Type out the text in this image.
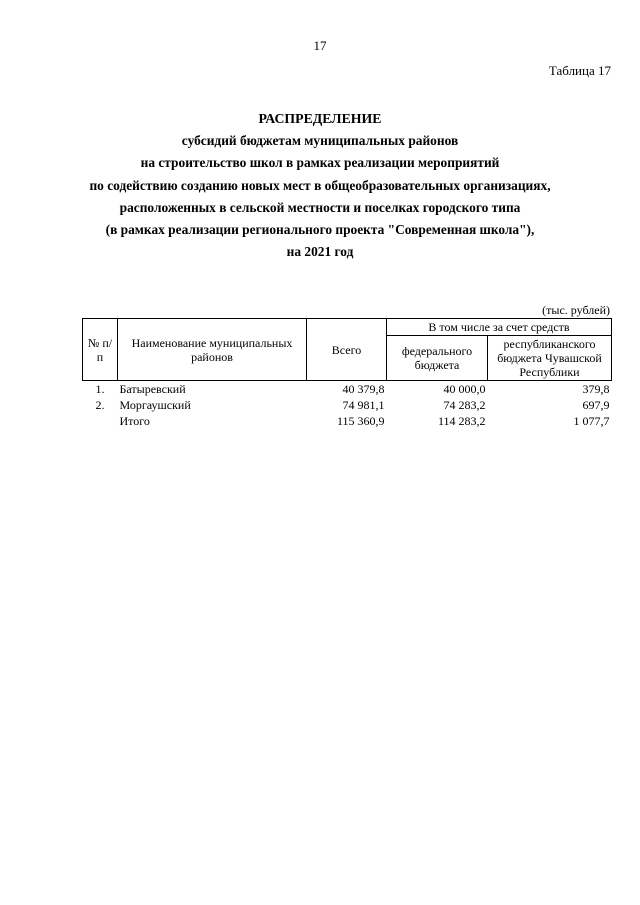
17
Таблица 17
РАСПРЕДЕЛЕНИЕ
субсидий бюджетам муниципальных районов
на строительство школ в рамках реализации мероприятий
по содействию созданию новых мест в общеобразовательных организациях,
расположенных в сельской местности и поселках городского типа
(в рамках реализации регионального проекта "Современная школа"),
на 2021 год
(тыс. рублей)
№ п/п	Наименование муниципальных районов	Всего	В том числе за счет средств	
			федерального бюджета	республиканского бюджета Чувашской Республики
1.	Батыревский	40 379,8	40 000,0	379,8
2.	Моргаушский	74 981,1	74 283,2	697,9
	Итого	115 360,9	114 283,2	1 077,7
